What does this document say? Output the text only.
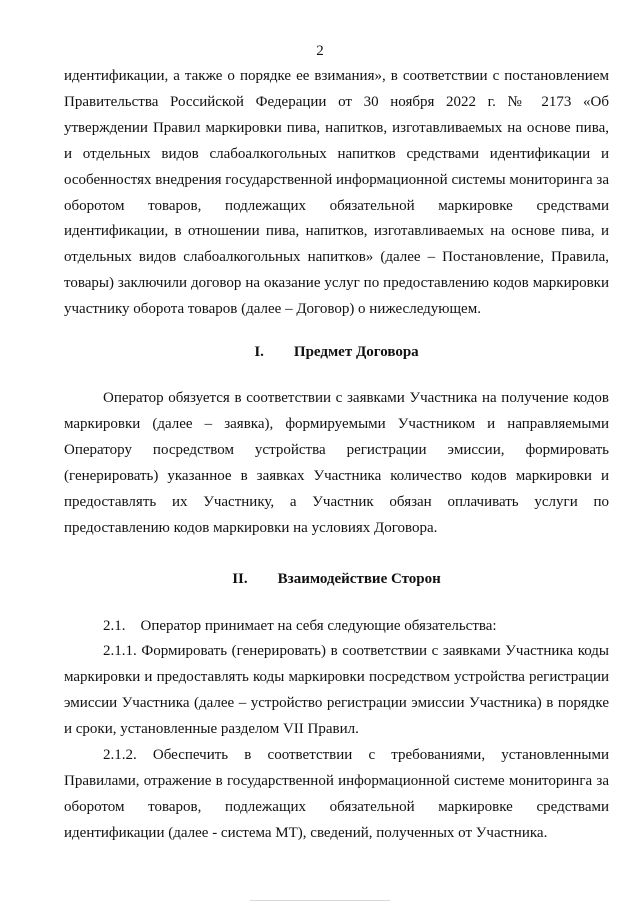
2

идентификации, а также о порядке ее взимания», в соответствии с постановлением Правительства Российской Федерации от 30 ноября 2022 г. № 2173 «Об утверждении Правил маркировки пива, напитков, изготавливаемых на основе пива, и отдельных видов слабоалкогольных напитков средствами идентификации и особенностях внедрения государственной информационной системы мониторинга за оборотом товаров, подлежащих обязательной маркировке средствами идентификации, в отношении пива, напитков, изготавливаемых на основе пива, и отдельных видов слабоалкогольных напитков» (далее – Постановление, Правила, товары) заключили договор на оказание услуг по предоставлению кодов маркировки участнику оборота товаров (далее – Договор) о нижеследующем.

I. Предмет Договора

Оператор обязуется в соответствии с заявками Участника на получение кодов маркировки (далее – заявка), формируемыми Участником и направляемыми Оператору посредством устройства регистрации эмиссии, формировать (генерировать) указанное в заявках Участника количество кодов маркировки и предоставлять их Участнику, а Участник обязан оплачивать услуги по предоставлению кодов маркировки на условиях Договора.

II. Взаимодействие Сторон

2.1. Оператор принимает на себя следующие обязательства:

2.1.1. Формировать (генерировать) в соответствии с заявками Участника коды маркировки и предоставлять коды маркировки посредством устройства регистрации эмиссии Участника (далее – устройство регистрации эмиссии Участника) в порядке и сроки, установленные разделом VII Правил.

2.1.2. Обеспечить в соответствии с требованиями, установленными Правилами, отражение в государственной информационной системе мониторинга за оборотом товаров, подлежащих обязательной маркировке средствами идентификации (далее - система МТ), сведений, полученных от Участника.
